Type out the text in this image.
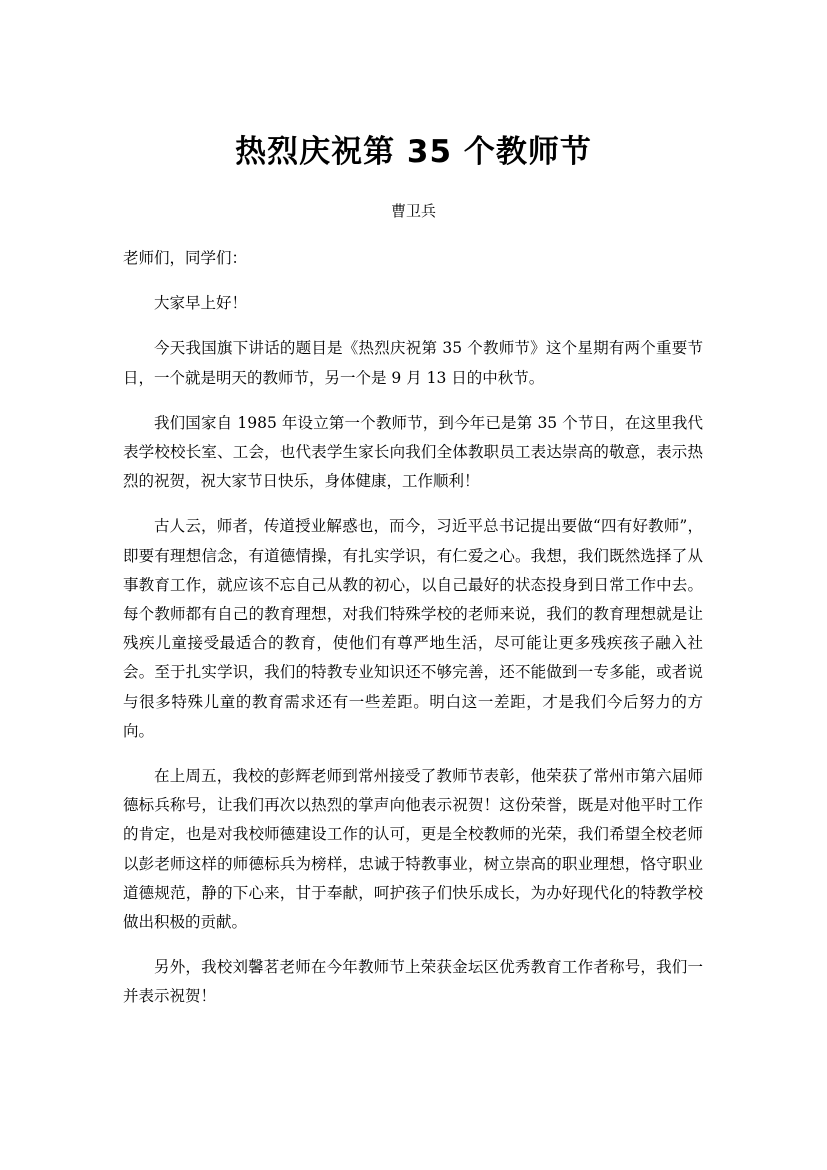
热烈庆祝第 35 个教师节
曹卫兵

老师们，同学们：

大家早上好！

今天我国旗下讲话的题目是《热烈庆祝第 35 个教师节》这个星期有两个重要节日，一个就是明天的教师节，另一个是 9 月 13 日的中秋节。

我们国家自 1985 年设立第一个教师节，到今年已是第 35 个节日，在这里我代表学校校长室、工会，也代表学生家长向我们全体教职员工表达崇高的敬意，表示热烈的祝贺，祝大家节日快乐，身体健康，工作顺利！

古人云，师者，传道授业解惑也，而今，习近平总书记提出要做“四有好教师”，即要有理想信念，有道德情操，有扎实学识，有仁爱之心。我想，我们既然选择了从事教育工作，就应该不忘自己从教的初心，以自己最好的状态投身到日常工作中去。每个教师都有自己的教育理想，对我们特殊学校的老师来说，我们的教育理想就是让残疾儿童接受最适合的教育，使他们有尊严地生活，尽可能让更多残疾孩子融入社会。至于扎实学识，我们的特教专业知识还不够完善，还不能做到一专多能，或者说与很多特殊儿童的教育需求还有一些差距。明白这一差距，才是我们今后努力的方向。

在上周五，我校的彭辉老师到常州接受了教师节表彰，他荣获了常州市第六届师德标兵称号，让我们再次以热烈的掌声向他表示祝贺！这份荣誉，既是对他平时工作的肯定，也是对我校师德建设工作的认可，更是全校教师的光荣，我们希望全校老师以彭老师这样的师德标兵为榜样，忠诚于特教事业，树立崇高的职业理想，恪守职业道德规范，静的下心来，甘于奉献，呵护孩子们快乐成长，为办好现代化的特教学校做出积极的贡献。

另外，我校刘馨茗老师在今年教师节上荣获金坛区优秀教育工作者称号，我们一并表示祝贺！
